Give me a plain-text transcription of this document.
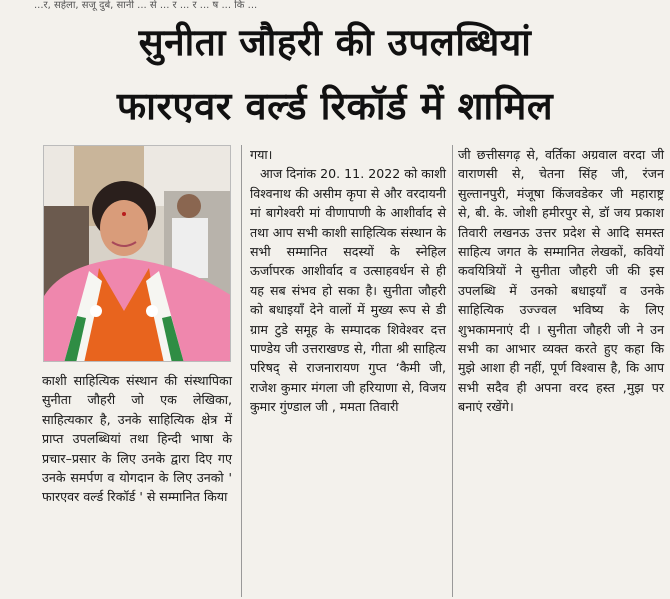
...र, सहेला, सजू दुबे, सानी ... से ... र ... र ... ष ... कि ...
सुनीता जौहरी की उपलब्धियां
फारएवर वर्ल्ड रिकॉर्ड में शामिल

काशी साहित्यिक संस्थान की संस्थापिका सुनीता जौहरी जो एक लेखिका, साहित्यकार है, उनके साहित्यिक क्षेत्र में प्राप्त उपलब्धियां तथा हिन्दी भाषा के प्रचार–प्रसार के लिए उनके द्वारा दिए गए उनके समर्पण व योगदान के लिए उनको ' फारएवर वर्ल्ड रिकॉर्ड ' से सम्मानित किया

गया।

आज दिनांक 20. 11. 2022 को काशी विश्वनाथ की असीम कृपा से और वरदायनी मां बागेश्वरी मां वीणापाणी के आशीर्वाद से तथा आप सभी काशी साहित्यिक संस्थान के सभी सम्मानित सदस्यों के स्नेहिल ऊर्जापरक आशीर्वाद व उत्साहवर्धन से ही यह सब संभव हो सका है। सुनीता जौहरी को बधाइयाँ देने वालों में मुख्य रूप से डी ग्राम टुडे समूह के सम्पादक शिवेश्वर दत्त पाण्डेय जी उत्तराखण्ड से, गीता श्री साहित्य परिषद् से राजनारायण गुप्त ‘कैमी जी, राजेश कुमार मंगला जी हरियाणा से, विजय कुमार गुंण्डाल जी , ममता तिवारी

जी छत्तीसगढ़ से, वर्तिका अग्रवाल वरदा जी वाराणसी से, चेतना सिंह जी, रंजन सुल्तानपुरी, मंजूषा किंजवडेकर जी महाराष्ट्र से, बी. के. जोशी हमीरपुर से, डॉ जय प्रकाश तिवारी लखनऊ उत्तर प्रदेश से आदि समस्त साहित्य जगत के सम्मानित लेखकों, कवियों कवयित्रियों ने सुनीता जौहरी जी की इस उपलब्धि में उनको बधाइयाँ व उनके साहित्यिक उज्ज्वल भविष्य के लिए शुभकामनाएं दी । सुनीता जौहरी जी ने उन सभी का आभार व्यक्त करते हुए कहा कि मुझे आशा ही नहीं, पूर्ण विश्वास है, कि आप सभी सदैव ही अपना वरद हस्त ,मुझ पर बनाएं रखेंगे।
